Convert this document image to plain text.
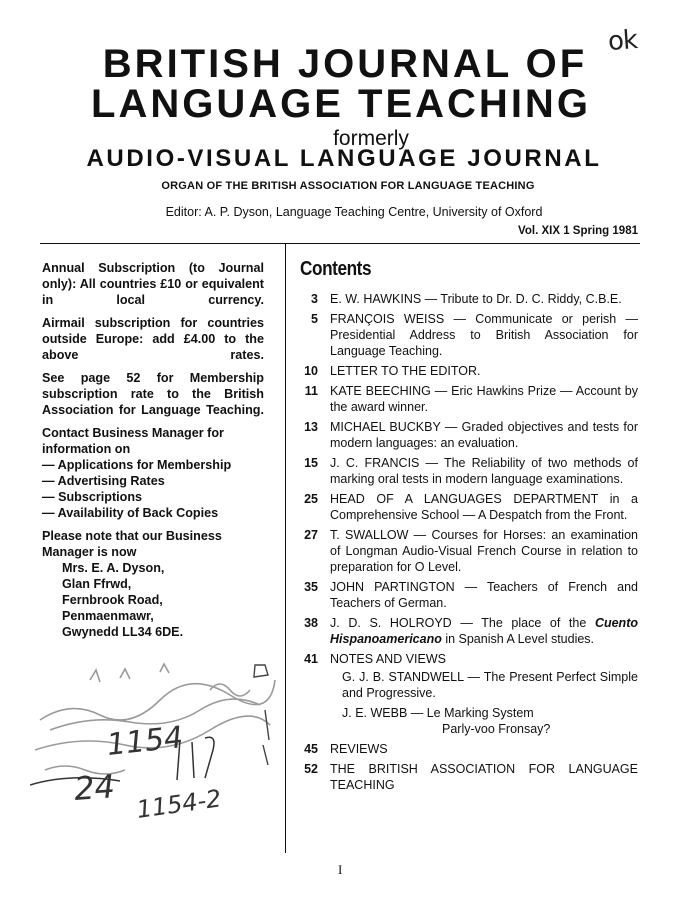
ok
BRITISH JOURNAL OF
LANGUAGE TEACHING
formerly
AUDIO-VISUAL LANGUAGE JOURNAL
ORGAN OF THE BRITISH ASSOCIATION FOR LANGUAGE TEACHING
Editor: A. P. Dyson, Language Teaching Centre, University of Oxford
Vol. XIX 1 Spring 1981

Annual Subscription (to Journal only): All countries £10 or equivalent in local currency.

Airmail subscription for countries outside Europe: add £4.00 to the above rates.

See page 52 for Membership subscription rate to the British Association for Language Teaching.

Contact Business Manager for information on

— Applications for Membership
— Advertising Rates
— Subscriptions
— Availability of Back Copies

Please note that our Business Manager is now

Mrs. E. A. Dyson,
Glan Ffrwd,
Fernbrook Road,
Penmaenmawr,
Gwynedd LL34 6DE.
1154
24 1154-2
Contents
3 E. W. HAWKINS — Tribute to Dr. D. C. Riddy, C.B.E.
5 FRANÇOIS WEISS — Communicate or perish — Presidential Address to British Association for Language Teaching.
10 LETTER TO THE EDITOR.
11 KATE BEECHING — Eric Hawkins Prize — Account by the award winner.
13 MICHAEL BUCKBY — Graded objectives and tests for modern languages: an evaluation.
15 J. C. FRANCIS — The Reliability of two methods of marking oral tests in modern language examinations.
25 HEAD OF A LANGUAGES DEPARTMENT in a Comprehensive School — A Despatch from the Front.
27 T. SWALLOW — Courses for Horses: an examination of Longman Audio-Visual French Course in relation to preparation for O Level.
35 JOHN PARTINGTON — Teachers of French and Teachers of German.
38 J. D. S. HOLROYD — The place of the Cuento Hispanoamericano in Spanish A Level studies.
41 NOTES AND VIEWS
G. J. B. STANDWELL — The Present Perfect Simple and Progressive.
J. E. WEBB — Le Marking System
Parly-voo Fronsay?
45 REVIEWS
52 THE BRITISH ASSOCIATION FOR LANGUAGE TEACHING
I
